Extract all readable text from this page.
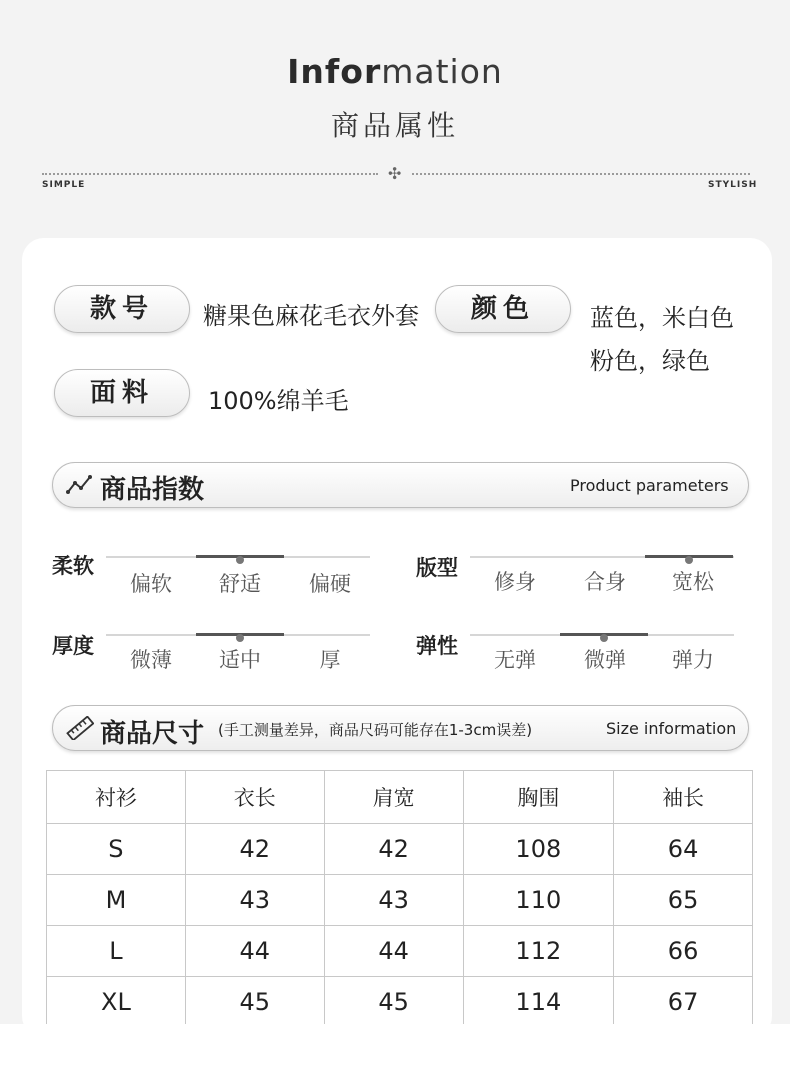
Information
商品属性
✣
SIMPLE	STYLISH
款号	糖果色麻花毛衣外套	颜色	蓝色，米白色
粉色，绿色
面料	100%绵羊毛
商品指数	Product parameters
柔软
偏软	舒适	偏硬
版型
修身	合身	宽松
厚度
微薄	适中	厚
弹性
无弹	微弹	弹力
商品尺寸 (手工测量差异，商品尺码可能存在1-3cm误差)	Size information
衬衫	衣长	肩宽	胸围	袖长
S	42	42	108	64
M	43	43	110	65
L	44	44	112	66
XL	45	45	114	67
